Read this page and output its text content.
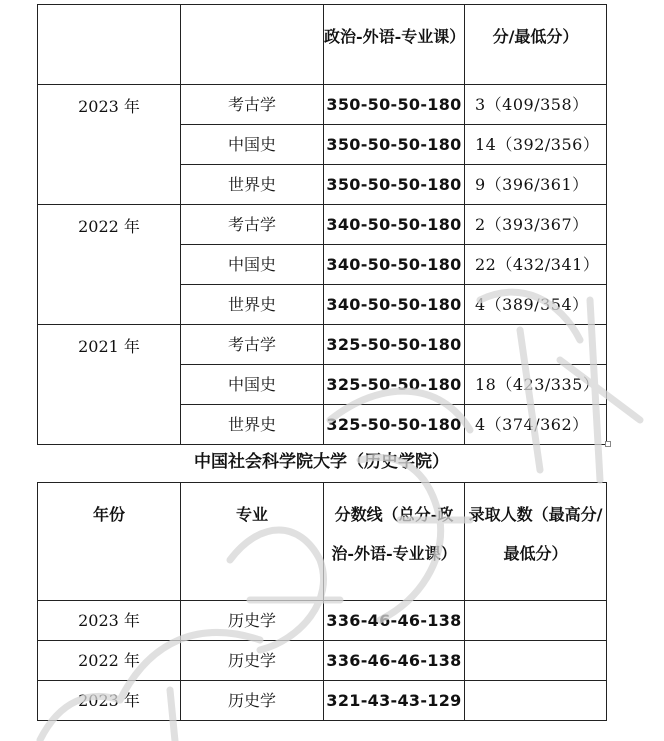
		政治-外语-专业课）	分/最低分）

2023 年	考古学	350-50-50-180	3（409/358）
	中国史	350-50-50-180	14（392/356）
	世界史	350-50-50-180	9（396/361）
2022 年	考古学	340-50-50-180	2（393/367）
	中国史	340-50-50-180	22（432/341）
	世界史	340-50-50-180	4（389/354）
2021 年	考古学	325-50-50-180	
	中国史	325-50-50-180	18（423/335）
	世界史	325-50-50-180	4（374/362）
中国社会科学院大学（历史学院）
年份	专业	分数线（总分-政治-外语-专业课）	录取人数（最高分/最低分）

2023 年	历史学	336-46-46-138	
2022 年	历史学	336-46-46-138	
2023 年	历史学	321-43-43-129	
